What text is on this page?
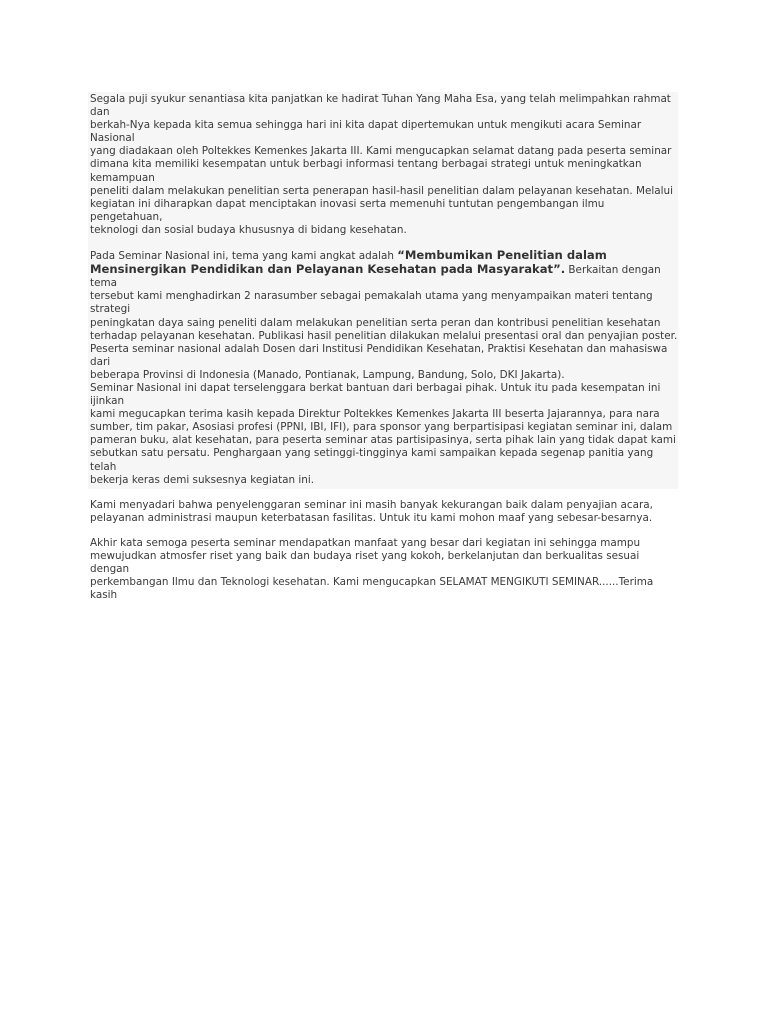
Segala puji syukur senantiasa kita panjatkan ke hadirat Tuhan Yang Maha Esa, yang telah melimpahkan rahmat dan
berkah-Nya kepada kita semua sehingga hari ini kita dapat dipertemukan untuk mengikuti acara Seminar Nasional
yang diadakaan oleh Poltekkes Kemenkes Jakarta III. Kami mengucapkan selamat datang pada peserta seminar
dimana kita memiliki kesempatan untuk berbagi informasi tentang berbagai strategi untuk meningkatkan kemampuan
peneliti dalam melakukan penelitian serta penerapan hasil-hasil penelitian dalam pelayanan kesehatan. Melalui
kegiatan ini diharapkan dapat menciptakan inovasi serta memenuhi tuntutan pengembangan ilmu pengetahuan,
teknologi dan sosial budaya khususnya di bidang kesehatan.

Pada Seminar Nasional ini, tema yang kami angkat adalah “Membumikan Penelitian dalam
Mensinergikan Pendidikan dan Pelayanan Kesehatan pada Masyarakat”. Berkaitan dengan tema
tersebut kami menghadirkan 2 narasumber sebagai pemakalah utama yang menyampaikan materi tentang strategi
peningkatan daya saing peneliti dalam melakukan penelitian serta peran dan kontribusi penelitian kesehatan
terhadap pelayanan kesehatan. Publikasi hasil penelitian dilakukan melalui presentasi oral dan penyajian poster.
Peserta seminar nasional adalah Dosen dari Institusi Pendidikan Kesehatan, Praktisi Kesehatan dan mahasiswa dari
beberapa Provinsi di Indonesia (Manado, Pontianak, Lampung, Bandung, Solo, DKI Jakarta).
Seminar Nasional ini dapat terselenggara berkat bantuan dari berbagai pihak. Untuk itu pada kesempatan ini ijinkan
kami megucapkan terima kasih kepada Direktur Poltekkes Kemenkes Jakarta III beserta Jajarannya, para nara
sumber, tim pakar, Asosiasi profesi (PPNI, IBI, IFI), para sponsor yang berpartisipasi kegiatan seminar ini, dalam
pameran buku, alat kesehatan, para peserta seminar atas partisipasinya, serta pihak lain yang tidak dapat kami
sebutkan satu persatu. Penghargaan yang setinggi-tingginya kami sampaikan kepada segenap panitia yang telah
bekerja keras demi suksesnya kegiatan ini.

Kami menyadari bahwa penyelenggaran seminar ini masih banyak kekurangan baik dalam penyajian acara,
pelayanan administrasi maupun keterbatasan fasilitas. Untuk itu kami mohon maaf yang sebesar-besarnya.

Akhir kata semoga peserta seminar mendapatkan manfaat yang besar dari kegiatan ini sehingga mampu
mewujudkan atmosfer riset yang baik dan budaya riset yang kokoh, berkelanjutan dan berkualitas sesuai dengan
perkembangan Ilmu dan Teknologi kesehatan. Kami mengucapkan SELAMAT MENGIKUTI SEMINAR......Terima
kasih
